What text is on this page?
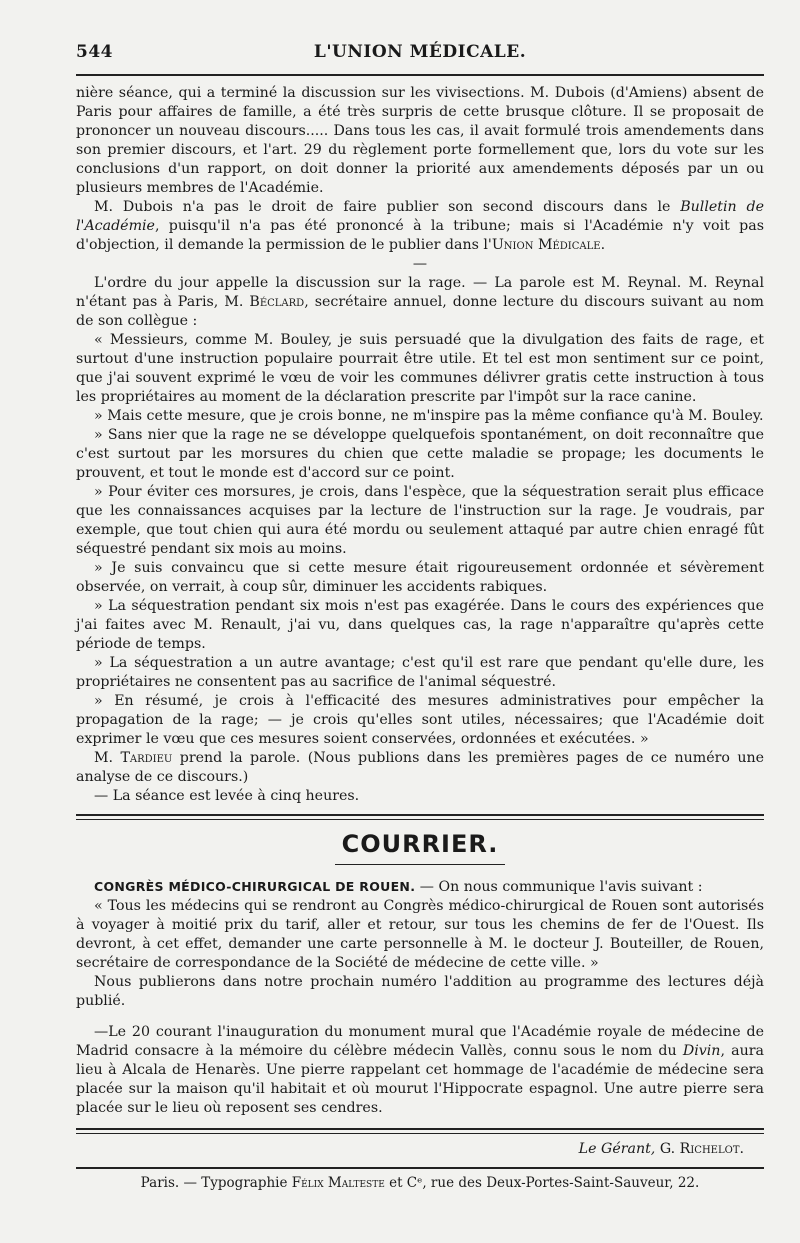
544	L'UNION MÉDICALE.

nière séance, qui a terminé la discussion sur les vivisections. M. Dubois (d'Amiens) absent de Paris pour affaires de famille, a été très surpris de cette brusque clôture. Il se proposait de prononcer un nouveau discours..... Dans tous les cas, il avait formulé trois amendements dans son premier discours, et l'art. 29 du règlement porte formellement que, lors du vote sur les conclusions d'un rapport, on doit donner la priorité aux amendements déposés par un ou plusieurs membres de l'Académie.

M. Dubois n'a pas le droit de faire publier son second discours dans le Bulletin de l'Académie, puisqu'il n'a pas été prononcé à la tribune; mais si l'Académie n'y voit pas d'objection, il demande la permission de le publier dans l'Union Médicale.

—

L'ordre du jour appelle la discussion sur la rage. — La parole est M. Reynal. M. Reynal n'étant pas à Paris, M. Béclard, secrétaire annuel, donne lecture du discours suivant au nom de son collègue :

« Messieurs, comme M. Bouley, je suis persuadé que la divulgation des faits de rage, et surtout d'une instruction populaire pourrait être utile. Et tel est mon sentiment sur ce point, que j'ai souvent exprimé le vœu de voir les communes délivrer gratis cette instruction à tous les propriétaires au moment de la déclaration prescrite par l'impôt sur la race canine.

» Mais cette mesure, que je crois bonne, ne m'inspire pas la même confiance qu'à M. Bouley.

» Sans nier que la rage ne se développe quelquefois spontanément, on doit reconnaître que c'est surtout par les morsures du chien que cette maladie se propage; les documents le prouvent, et tout le monde est d'accord sur ce point.

» Pour éviter ces morsures, je crois, dans l'espèce, que la séquestration serait plus efficace que les connaissances acquises par la lecture de l'instruction sur la rage. Je voudrais, par exemple, que tout chien qui aura été mordu ou seulement attaqué par autre chien enragé fût séquestré pendant six mois au moins.

» Je suis convaincu que si cette mesure était rigoureusement ordonnée et sévèrement observée, on verrait, à coup sûr, diminuer les accidents rabiques.

» La séquestration pendant six mois n'est pas exagérée. Dans le cours des expériences que j'ai faites avec M. Renault, j'ai vu, dans quelques cas, la rage n'apparaître qu'après cette période de temps.

» La séquestration a un autre avantage; c'est qu'il est rare que pendant qu'elle dure, les propriétaires ne consentent pas au sacrifice de l'animal séquestré.

» En résumé, je crois à l'efficacité des mesures administratives pour empêcher la propagation de la rage; — je crois qu'elles sont utiles, nécessaires; que l'Académie doit exprimer le vœu que ces mesures soient conservées, ordonnées et exécutées. »

M. Tardieu prend la parole. (Nous publions dans les premières pages de ce numéro une analyse de ce discours.)

— La séance est levée à cinq heures.

COURRIER.

CONGRÈS MÉDICO-CHIRURGICAL DE ROUEN. — On nous communique l'avis suivant :

« Tous les médecins qui se rendront au Congrès médico-chirurgical de Rouen sont autorisés à voyager à moitié prix du tarif, aller et retour, sur tous les chemins de fer de l'Ouest. Ils devront, à cet effet, demander une carte personnelle à M. le docteur J. Bouteiller, de Rouen, secrétaire de correspondance de la Société de médecine de cette ville. »

Nous publierons dans notre prochain numéro l'addition au programme des lectures déjà publié.

—Le 20 courant l'inauguration du monument mural que l'Académie royale de médecine de Madrid consacre à la mémoire du célèbre médecin Vallès, connu sous le nom du Divin, aura lieu à Alcala de Henarès. Une pierre rappelant cet hommage de l'académie de médecine sera placée sur la maison qu'il habitait et où mourut l'Hippocrate espagnol. Une autre pierre sera placée sur le lieu où reposent ses cendres.

Le Gérant, G. Richelot.
Paris. — Typographie Félix Malteste et Cᵉ, rue des Deux-Portes-Saint-Sauveur, 22.
